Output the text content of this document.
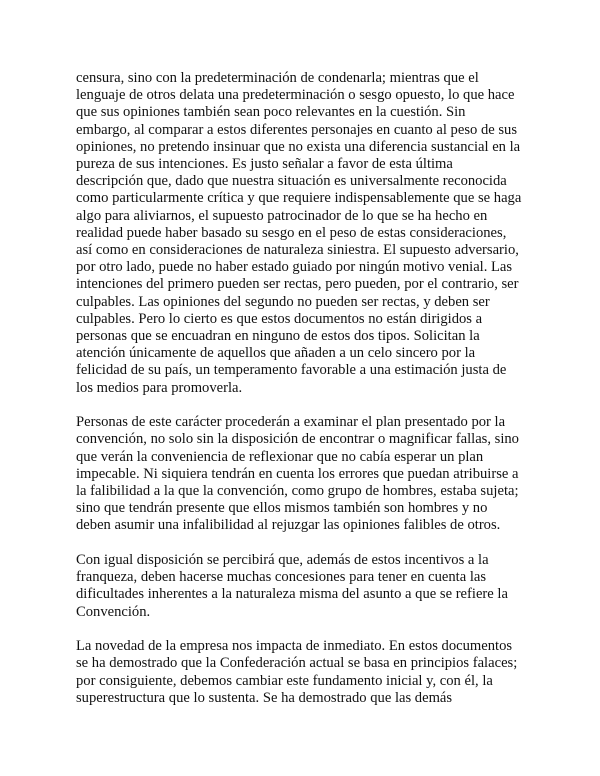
censura, sino con la predeterminación de condenarla; mientras que el
lenguaje de otros delata una predeterminación o sesgo opuesto, lo que hace
que sus opiniones también sean poco relevantes en la cuestión. Sin
embargo, al comparar a estos diferentes personajes en cuanto al peso de sus
opiniones, no pretendo insinuar que no exista una diferencia sustancial en la
pureza de sus intenciones. Es justo señalar a favor de esta última
descripción que, dado que nuestra situación es universalmente reconocida
como particularmente crítica y que requiere indispensablemente que se haga
algo para aliviarnos, el supuesto patrocinador de lo que se ha hecho en
realidad puede haber basado su sesgo en el peso de estas consideraciones,
así como en consideraciones de naturaleza siniestra. El supuesto adversario,
por otro lado, puede no haber estado guiado por ningún motivo venial. Las
intenciones del primero pueden ser rectas, pero pueden, por el contrario, ser
culpables. Las opiniones del segundo no pueden ser rectas, y deben ser
culpables. Pero lo cierto es que estos documentos no están dirigidos a
personas que se encuadran en ninguno de estos dos tipos. Solicitan la
atención únicamente de aquellos que añaden a un celo sincero por la
felicidad de su país, un temperamento favorable a una estimación justa de
los medios para promoverla.

Personas de este carácter procederán a examinar el plan presentado por la
convención, no solo sin la disposición de encontrar o magnificar fallas, sino
que verán la conveniencia de reflexionar que no cabía esperar un plan
impecable. Ni siquiera tendrán en cuenta los errores que puedan atribuirse a
la falibilidad a la que la convención, como grupo de hombres, estaba sujeta;
sino que tendrán presente que ellos mismos también son hombres y no
deben asumir una infalibilidad al rejuzgar las opiniones falibles de otros.

Con igual disposición se percibirá que, además de estos incentivos a la
franqueza, deben hacerse muchas concesiones para tener en cuenta las
dificultades inherentes a la naturaleza misma del asunto a que se refiere la
Convención.

La novedad de la empresa nos impacta de inmediato. En estos documentos
se ha demostrado que la Confederación actual se basa en principios falaces;
por consiguiente, debemos cambiar este fundamento inicial y, con él, la
superestructura que lo sustenta. Se ha demostrado que las demás
